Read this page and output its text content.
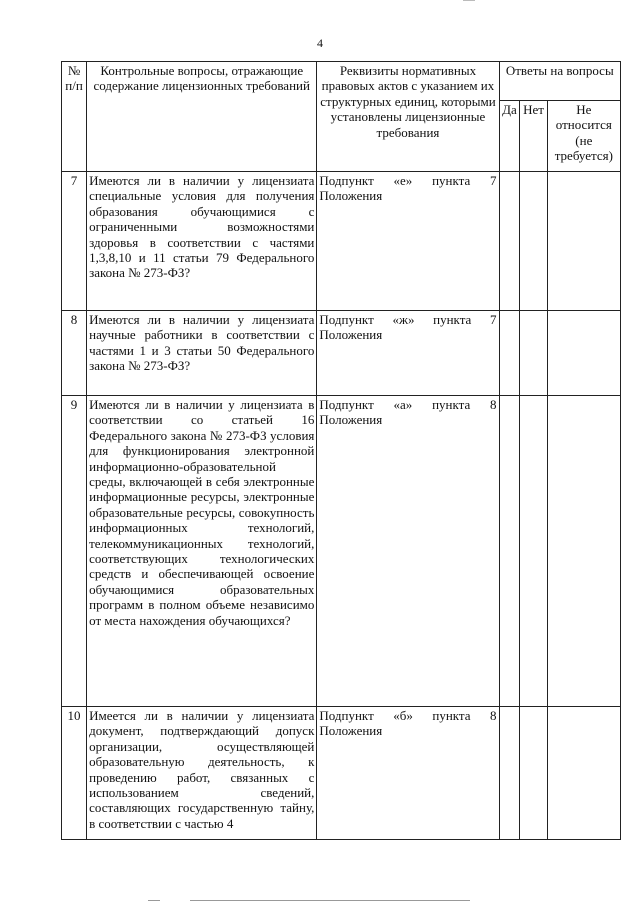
4
№ п/п	Контрольные вопросы, отражающие содержание лицензионных требований	Реквизиты нормативных правовых актов с указанием их структурных единиц, которыми установлены лицензионные требования	Ответы на вопросы		
			Да	Нет	Не относится (не требуется)
7	Имеются ли в наличии у лицензиата специальные условия для получения образования обучающимися с ограниченными возможностями здоровья в соответствии с частями 1,3,8,10 и 11 статьи 79 Федерального закона № 273-ФЗ?	Подпункт «е» пункта 7 Положения			
8	Имеются ли в наличии у лицензиата научные работники в соответствии с частями 1 и 3 статьи 50 Федерального закона № 273-ФЗ?	Подпункт «ж» пункта 7 Положения			
9	Имеются ли в наличии у лицензиата в соответствии со статьей 16 Федерального закона № 273-ФЗ условия для функционирования электронной информационно-образовательной среды, включающей в себя электронные информационные ресурсы, электронные образовательные ресурсы, совокупность информационных технологий, телекоммуникационных технологий, соответствующих технологических средств и обеспечивающей освоение обучающимися образовательных программ в полном объеме независимо от места нахождения обучающихся?	Подпункт «а» пункта 8 Положения			
10	Имеется ли в наличии у лицензиата документ, подтверждающий допуск организации, осуществляющей образовательную деятельность, к проведению работ, связанных с использованием сведений, составляющих государственную тайну, в соответствии с частью 4	Подпункт «б» пункта 8 Положения			
